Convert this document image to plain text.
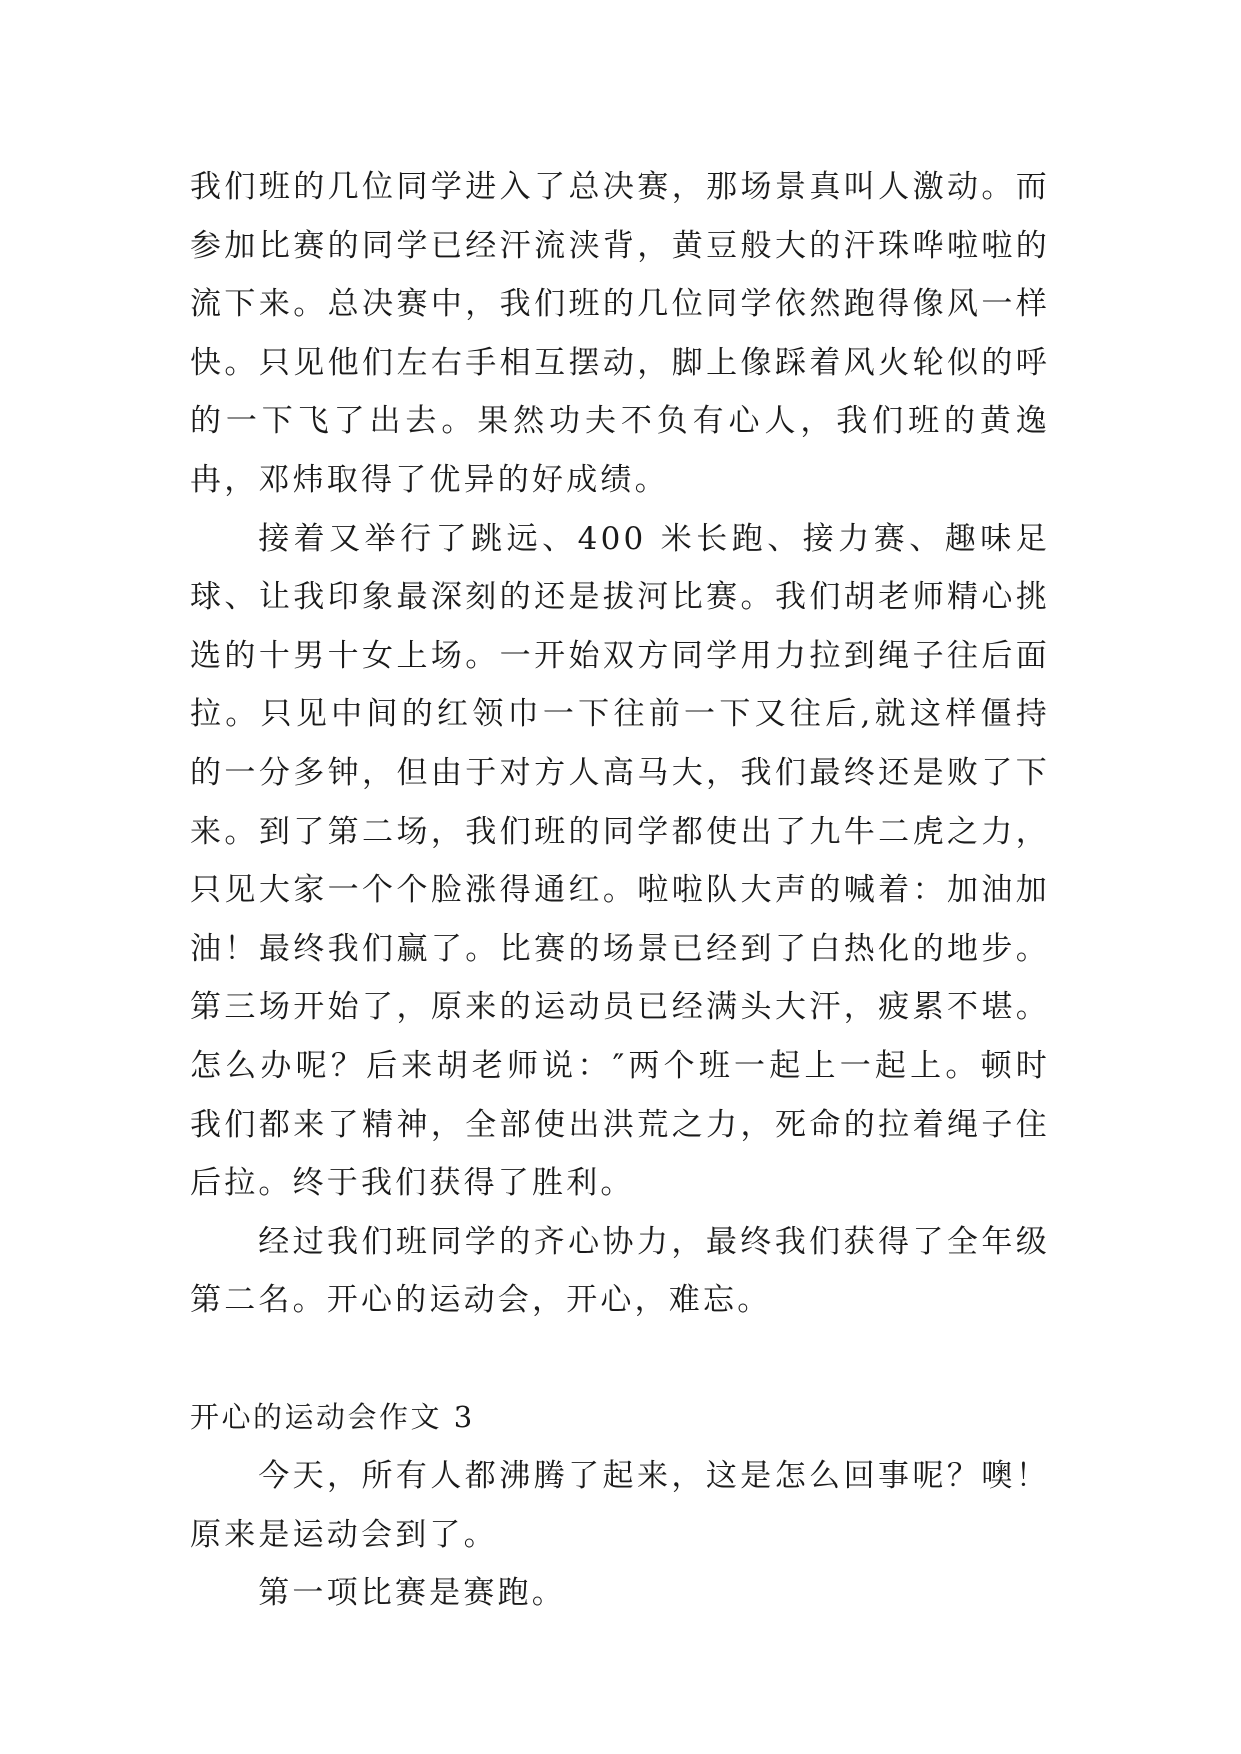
我们班的几位同学进入了总决赛，那场景真叫人激动。而参加比赛的同学已经汗流浃背，黄豆般大的汗珠哗啦啦的流下来。总决赛中，我们班的几位同学依然跑得像风一样快。只见他们左右手相互摆动，脚上像踩着风火轮似的呼的一下飞了出去。果然功夫不负有心人，我们班的黄逸冉，邓炜取得了优异的好成绩。

接着又举行了跳远、400 米长跑、接力赛、趣味足球、让我印象最深刻的还是拔河比赛。我们胡老师精心挑选的十男十女上场。一开始双方同学用力拉到绳子往后面拉。只见中间的红领巾一下往前一下又往后,就这样僵持的一分多钟，但由于对方人高马大，我们最终还是败了下来。到了第二场，我们班的同学都使出了九牛二虎之力，只见大家一个个脸涨得通红。啦啦队大声的喊着：加油加油！最终我们赢了。比赛的场景已经到了白热化的地步。第三场开始了，原来的运动员已经满头大汗，疲累不堪。怎么办呢？后来胡老师说：″两个班一起上一起上。顿时我们都来了精神，全部使出洪荒之力，死命的拉着绳子住后拉。终于我们获得了胜利。

经过我们班同学的齐心协力，最终我们获得了全年级第二名。开心的运动会，开心，难忘。

开心的运动会作文 3

今天，所有人都沸腾了起来，这是怎么回事呢？噢！原来是运动会到了。

第一项比赛是赛跑。
